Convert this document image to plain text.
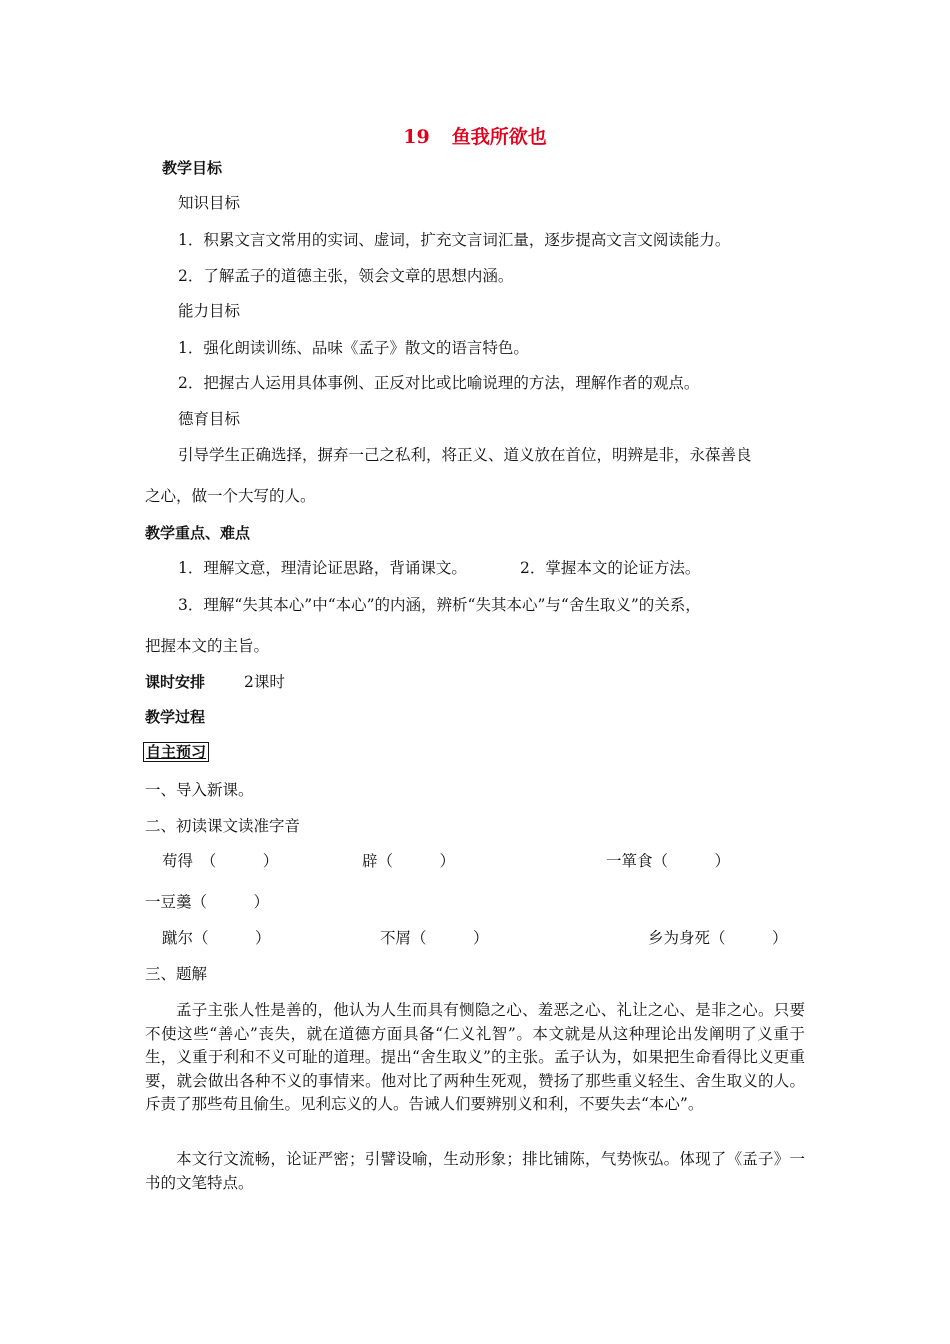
19 鱼我所欲也
教学目标
知识目标
1．积累文言文常用的实词、虚词，扩充文言词汇量，逐步提高文言文阅读能力。
2．了解孟子的道德主张，领会文章的思想内涵。
能力目标
1．强化朗读训练、品味《孟子》散文的语言特色。
2．把握古人运用具体事例、正反对比或比喻说理的方法，理解作者的观点。
德育目标
引导学生正确选择，摒弃一己之私利，将正义、道义放在首位，明辨是非，永葆善良
之心，做一个大写的人。
教学重点、难点
1．理解文意，理清论证思路，背诵课文。	2．掌握本文的论证方法。
3．理解“失其本心”中“本心”的内涵，辨析“失其本心”与“舍生取义”的关系，
把握本文的主旨。
课时安排	2课时
教学过程
自主预习
一、导入新课。
二、初读课文读准字音
苟得　（　　　）	辟（　　　）	一箪食（　　　）
一豆羹（　　　）
蹴尔（　　　）	不屑（　　　）	乡为身死（　　　）
三、题解
孟子主张人性是善的，他认为人生而具有恻隐之心、羞恶之心、礼让之心、是非之心。只要不使这些“善心”丧失，就在道德方面具备“仁义礼智”。本文就是从这种理论出发阐明了义重于生，义重于利和不义可耻的道理。提出“舍生取义”的主张。孟子认为，如果把生命看得比义更重要，就会做出各种不义的事情来。他对比了两种生死观，赞扬了那些重义轻生、舍生取义的人。斥责了那些苟且偷生。见利忘义的人。告诫人们要辨别义和利，不要失去“本心”。
本文行文流畅，论证严密；引譬设喻，生动形象；排比铺陈，气势恢弘。体现了《孟子》一书的文笔特点。
